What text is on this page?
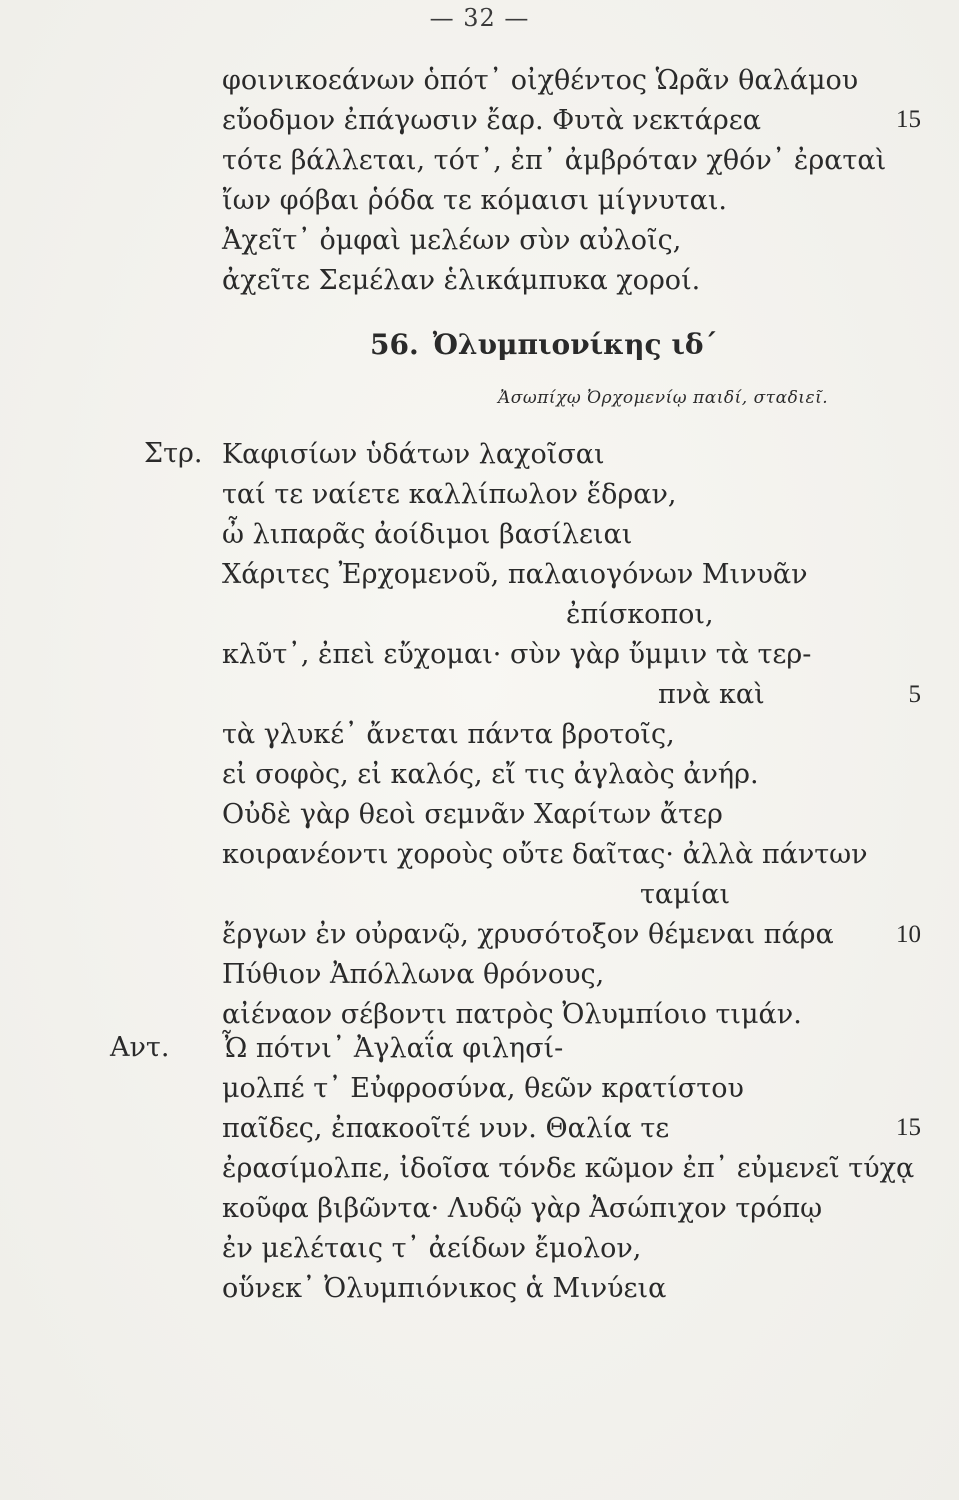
— 32 —
φοινικοεάνων ὁπότ᾽ οἰχθέντος Ὡρᾶν θαλάμου
εὔοδμον ἐπάγωσιν ἔαρ. Φυτὰ νεκτάρεα
τότε βάλλεται, τότ᾽, ἐπ᾽ ἀμβρόταν χθόν᾽ ἐραταὶ
ἴων φόβαι ῥόδα τε κόμαισι μίγνυται.
Ἀχεῖτ᾽ ὀμφαὶ μελέων σὺν αὐλοῖς,
ἀχεῖτε Σεμέλαν ἑλικάμπυκα χοροί.
15
56. Ὀλυμπιονίκης ιδ´
Ἀσωπίχῳ Ὀρχομενίῳ παιδί, σταδιεῖ.
Στρ. Καφισίων ὑδάτων λαχοῖσαι
ταί τε ναίετε καλλίπωλον ἕδραν,
ὦ λιπαρᾶς ἀοίδιμοι βασίλειαι
Χάριτες Ἐρχομενοῦ, παλαιογόνων Μινυᾶν
ἐπίσκοποι,
κλῦτ᾽, ἐπεὶ εὔχομαι· σὺν γὰρ ὔμμιν τὰ τερ-
πνὰ καὶ	5
τὰ γλυκέ᾽ ἄνεται πάντα βροτοῖς,
εἰ σοφὸς, εἰ καλός, εἴ τις ἀγλαὸς ἀνήρ.
Οὐδὲ γὰρ θεοὶ σεμνᾶν Χαρίτων ἄτερ
κοιρανέοντι χοροὺς οὔτε δαῖτας· ἀλλὰ πάντων
ταμίαι
ἔργων ἐν οὐρανῷ, χρυσότοξον θέμεναι πάρα 10
Πύθιον Ἀπόλλωνα θρόνους,
αἰέναον σέβοντι πατρὸς Ὀλυμπίοιο τιμάν.
Αντ. Ὦ πότνι᾽ Ἀγλαΐα φιλησί-
μολπέ τ᾽ Εὐφροσύνα, θεῶν κρατίστου
παῖδες, ἐπακοοῖτέ νυν. Θαλία τε	15
ἐρασίμολπε, ἰδοῖσα τόνδε κῶμον ἐπ᾽ εὐμενεῖ τύχᾳ
κοῦφα βιβῶντα· Λυδῷ γὰρ Ἀσώπιχον τρόπῳ
ἐν μελέταις τ᾽ ἀείδων ἔμολον,
οὕνεκ᾽ Ὀλυμπιόνικος ἁ Μινύεια
